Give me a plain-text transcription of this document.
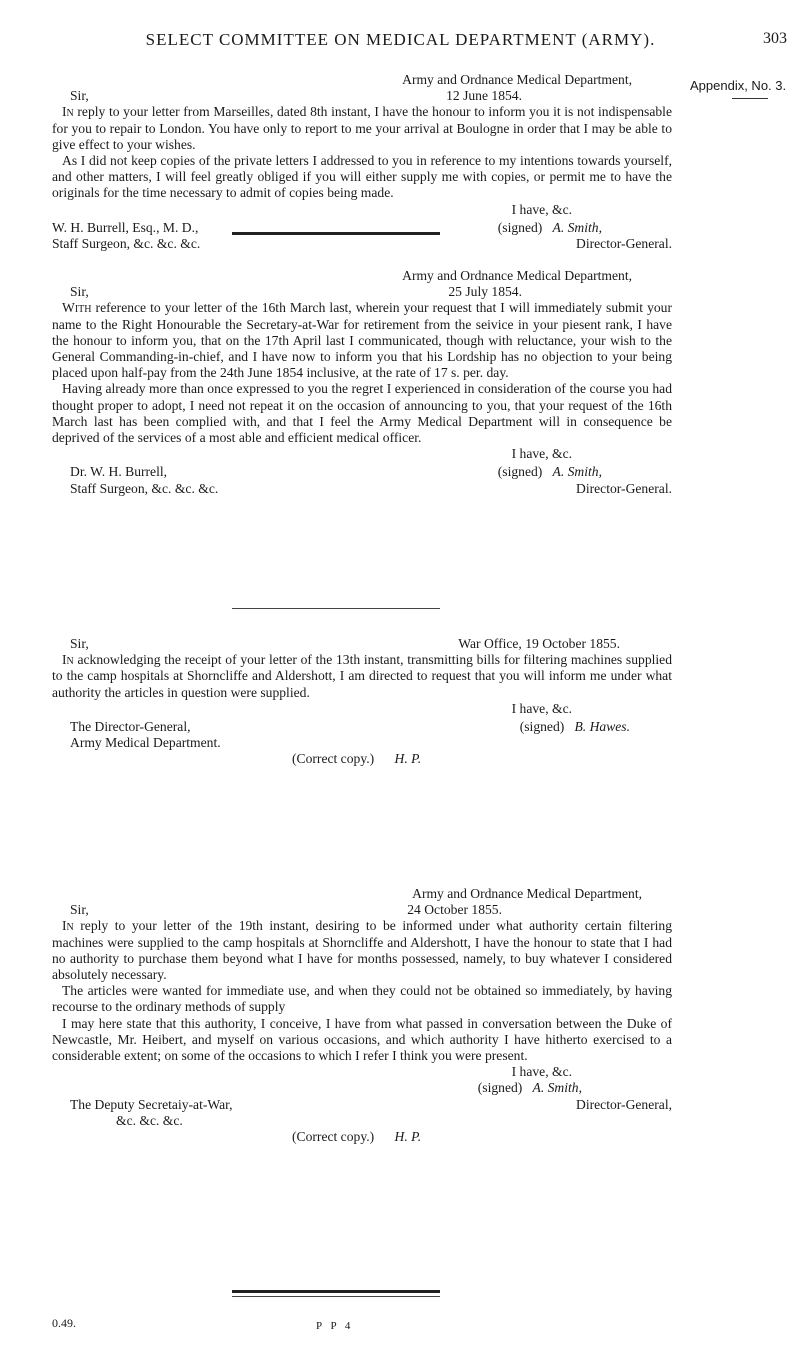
SELECT COMMITTEE ON MEDICAL DEPARTMENT (ARMY).	303
Appendix, No. 3.
Army and Ordnance Medical Department,
Sir,	12 June 1854.

In reply to your letter from Marseilles, dated 8th instant, I have the honour to inform you it is not indispensable for you to repair to London. You have only to report to me your arrival at Boulogne in order that I may be able to give effect to your wishes.

As I did not keep copies of the private letters I addressed to you in reference to my intentions towards yourself, and other matters, I will feel greatly obliged if you will either supply me with copies, or permit me to have the originals for the time necessary to admit of copies being made.

I have, &c.
W. H. Burrell, Esq., M. D.,
Staff Surgeon, &c. &c. &c.
(signed) A. Smith,
Director-General.
Army and Ordnance Medical Department,
Sir,	25 July 1854.

With reference to your letter of the 16th March last, wherein your request that I will immediately submit your name to the Right Honourable the Secretary-at-War for retirement from the seivice in your piesent rank, I have the honour to inform you, that on the 17th April last I communicated, though with reluctance, your wish to the General Commanding-in-chief, and I have now to inform you that his Lordship has no objection to your being placed upon half-pay from the 24th June 1854 inclusive, at the rate of 17 s. per. day.

Having already more than once expressed to you the regret I experienced in consideration of the course you had thought proper to adopt, I need not repeat it on the occasion of announcing to you, that your request of the 16th March last has been complied with, and that I feel the Army Medical Department will in consequence be deprived of the services of a most able and efficient medical officer.

I have, &c.
Dr. W. H. Burrell,
Staff Surgeon, &c. &c. &c.
(signed) A. Smith,
Director-General.
Sir,	War Office, 19 October 1855.

In acknowledging the receipt of your letter of the 13th instant, transmitting bills for filtering machines supplied to the camp hospitals at Shorncliffe and Aldershott, I am directed to request that you will inform me under what authority the articles in question were supplied.

I have, &c.
The Director-General,
Army Medical Department.
(signed) B. Hawes.
(Correct copy.) H. P.
Army and Ordnance Medical Department,
Sir,	24 October 1855.

In reply to your letter of the 19th instant, desiring to be informed under what authority certain filtering machines were supplied to the camp hospitals at Shorncliffe and Aldershott, I have the honour to state that I had no authority to purchase them beyond what I have for months possessed, namely, to buy whatever I considered absolutely necessary.

The articles were wanted for immediate use, and when they could not be obtained so immediately, by having recourse to the ordinary methods of supply

I may here state that this authority, I conceive, I have from what passed in conversation between the Duke of Newcastle, Mr. Heibert, and myself on various occasions, and which authority I have hitherto exercised to a considerable extent; on some of the occasions to which I refer I think you were present.

I have, &c.
(signed) A. Smith,
The Deputy Secretaiy-at-War,
&c. &c. &c.
Director-General,
(Correct copy.) H. P.
0.49.	P P 4
